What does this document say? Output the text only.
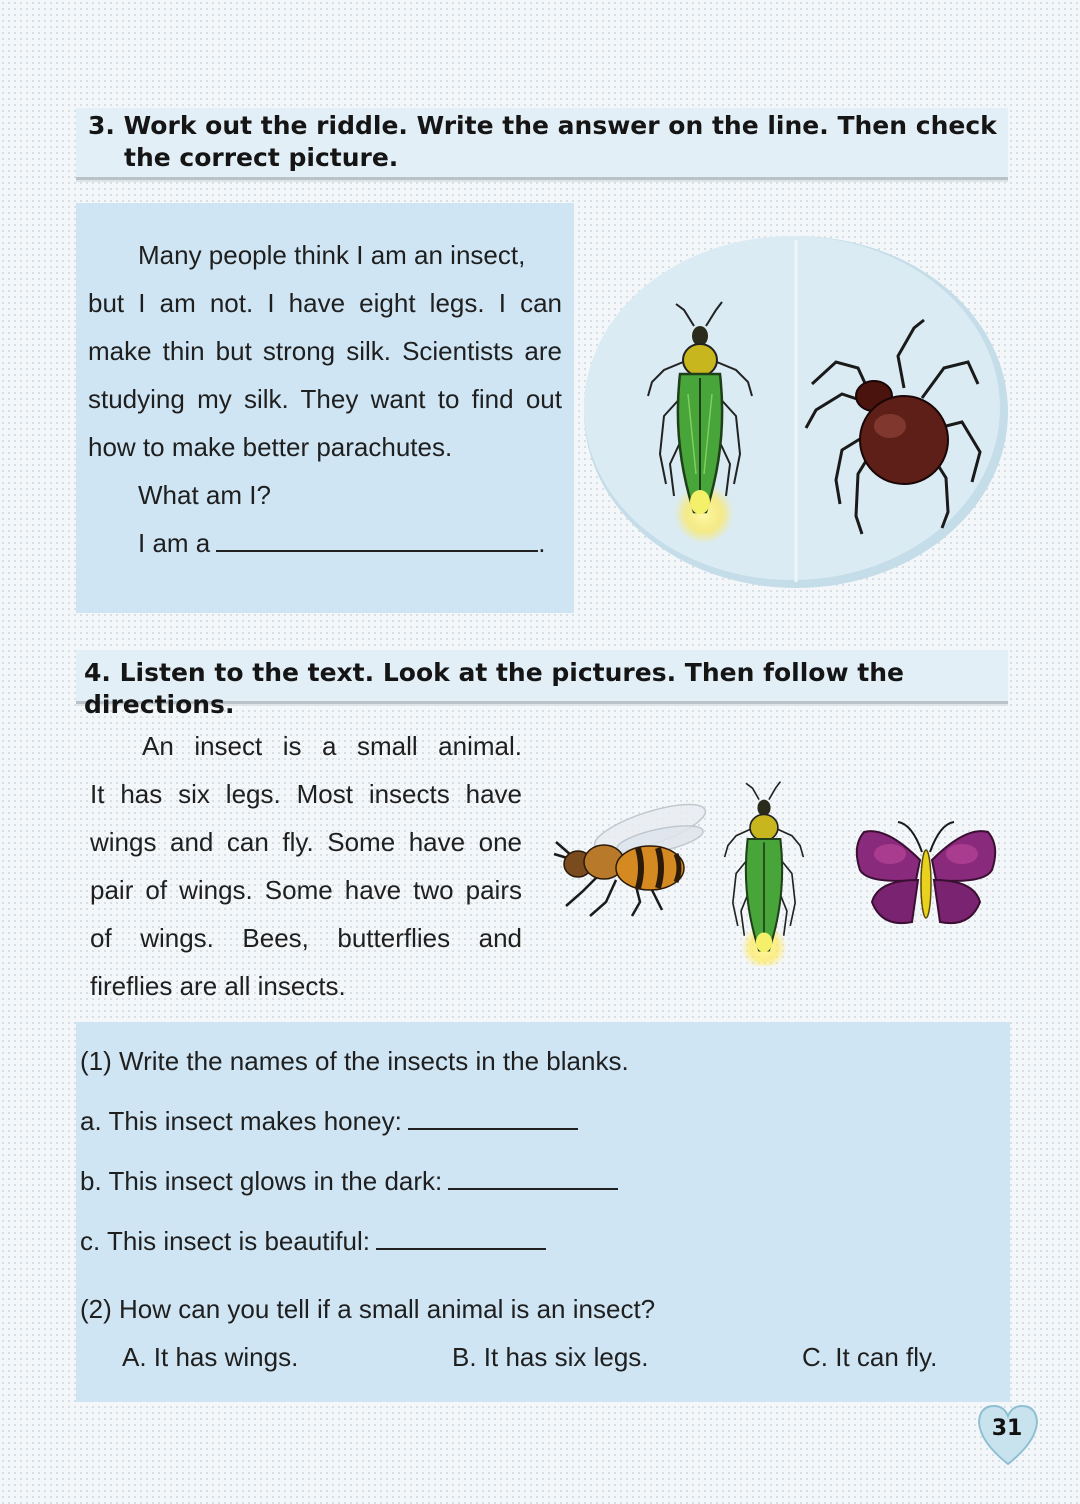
3. Work out the riddle. Write the answer on the line. Then check
the correct picture.
Many people think I am an insect,
but I am not. I have eight legs. I can
make thin but strong silk. Scientists are
studying my silk. They want to find out
how to make better parachutes.
What am I?
I am a	.
4. Listen to the text. Look at the pictures. Then follow the directions.
An insect is a small animal.
It has six legs. Most insects have
wings and can fly. Some have one
pair of wings. Some have two pairs
of wings. Bees, butterflies and
fireflies are all insects.
(1) Write the names of the insects in the blanks.
a. This insect makes honey:
b. This insect glows in the dark:
c. This insect is beautiful:
(2) How can you tell if a small animal is an insect?
A. It has wings.	B. It has six legs.	C. It can fly.
31
